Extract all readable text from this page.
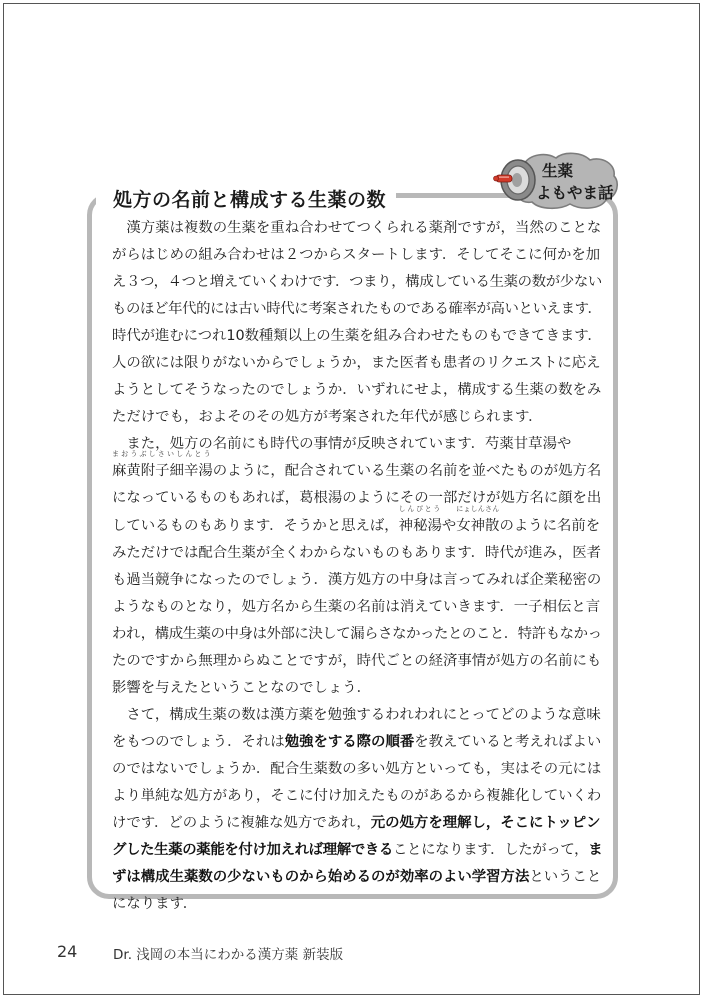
処方の名前と構成する生薬の数
生薬
よもやま話
　漢方薬は複数の生薬を重ね合わせてつくられる薬剤ですが，当然のことな
がらはじめの組み合わせは２つからスタートします．そしてそこに何かを加
え３つ，４つと増えていくわけです．つまり，構成している生薬の数が少ない
ものほど年代的には古い時代に考案されたものである確率が高いといえます．
時代が進むにつれ10数種類以上の生薬を組み合わせたものもできてきます．
人の欲には限りがないからでしょうか，また医者も患者のリクエストに応え
ようとしてそうなったのでしょうか．いずれにせよ，構成する生薬の数をみ
ただけでも，およそのその処方が考案された年代が感じられます．
　また，処方の名前にも時代の事情が反映されています．芍薬甘草湯や
まおうぶしさいしんとう
麻黄附子細辛湯のように，配合されている生薬の名前を並べたものが処方名
になっているものもあれば，葛根湯のようにその一部だけが処方名に顔を出
しているものもあります．そうかと思えば，
しんぴとう
神秘湯や
にょしんさん
女神散のように名前を
みただけでは配合生薬が全くわからないものもあります．時代が進み，医者
も過当競争になったのでしょう．漢方処方の中身は言ってみれば企業秘密の
ようなものとなり，処方名から生薬の名前は消えていきます．一子相伝と言
われ，構成生薬の中身は外部に決して漏らさなかったとのこと．特許もなかっ
たのですから無理からぬことですが，時代ごとの経済事情が処方の名前にも
影響を与えたということなのでしょう．
　さて，構成生薬の数は漢方薬を勉強するわれわれにとってどのような意味
をもつのでしょう．それは勉強をする際の順番を教えていると考えればよい
のではないでしょうか．配合生薬数の多い処方といっても，実はその元には
より単純な処方があり，そこに付け加えたものがあるから複雑化していくわ
けです．どのように複雑な処方であれ，元の処方を理解し，そこにトッピン
グした生薬の薬能を付け加えれば理解できることになります．したがって，ま
ずは構成生薬数の少ないものから始めるのが効率のよい学習方法ということ
になります．
24	Dr. 浅岡の本当にわかる漢方薬 新装版
